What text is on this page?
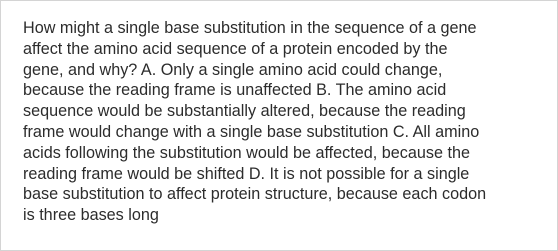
How might a single base substitution in the sequence of a gene
affect the amino acid sequence of a protein encoded by the
gene, and why? A. Only a single amino acid could change,
because the reading frame is unaffected B. The amino acid
sequence would be substantially altered, because the reading
frame would change with a single base substitution C. All amino
acids following the substitution would be affected, because the
reading frame would be shifted D. It is not possible for a single
base substitution to affect protein structure, because each codon
is three bases long
